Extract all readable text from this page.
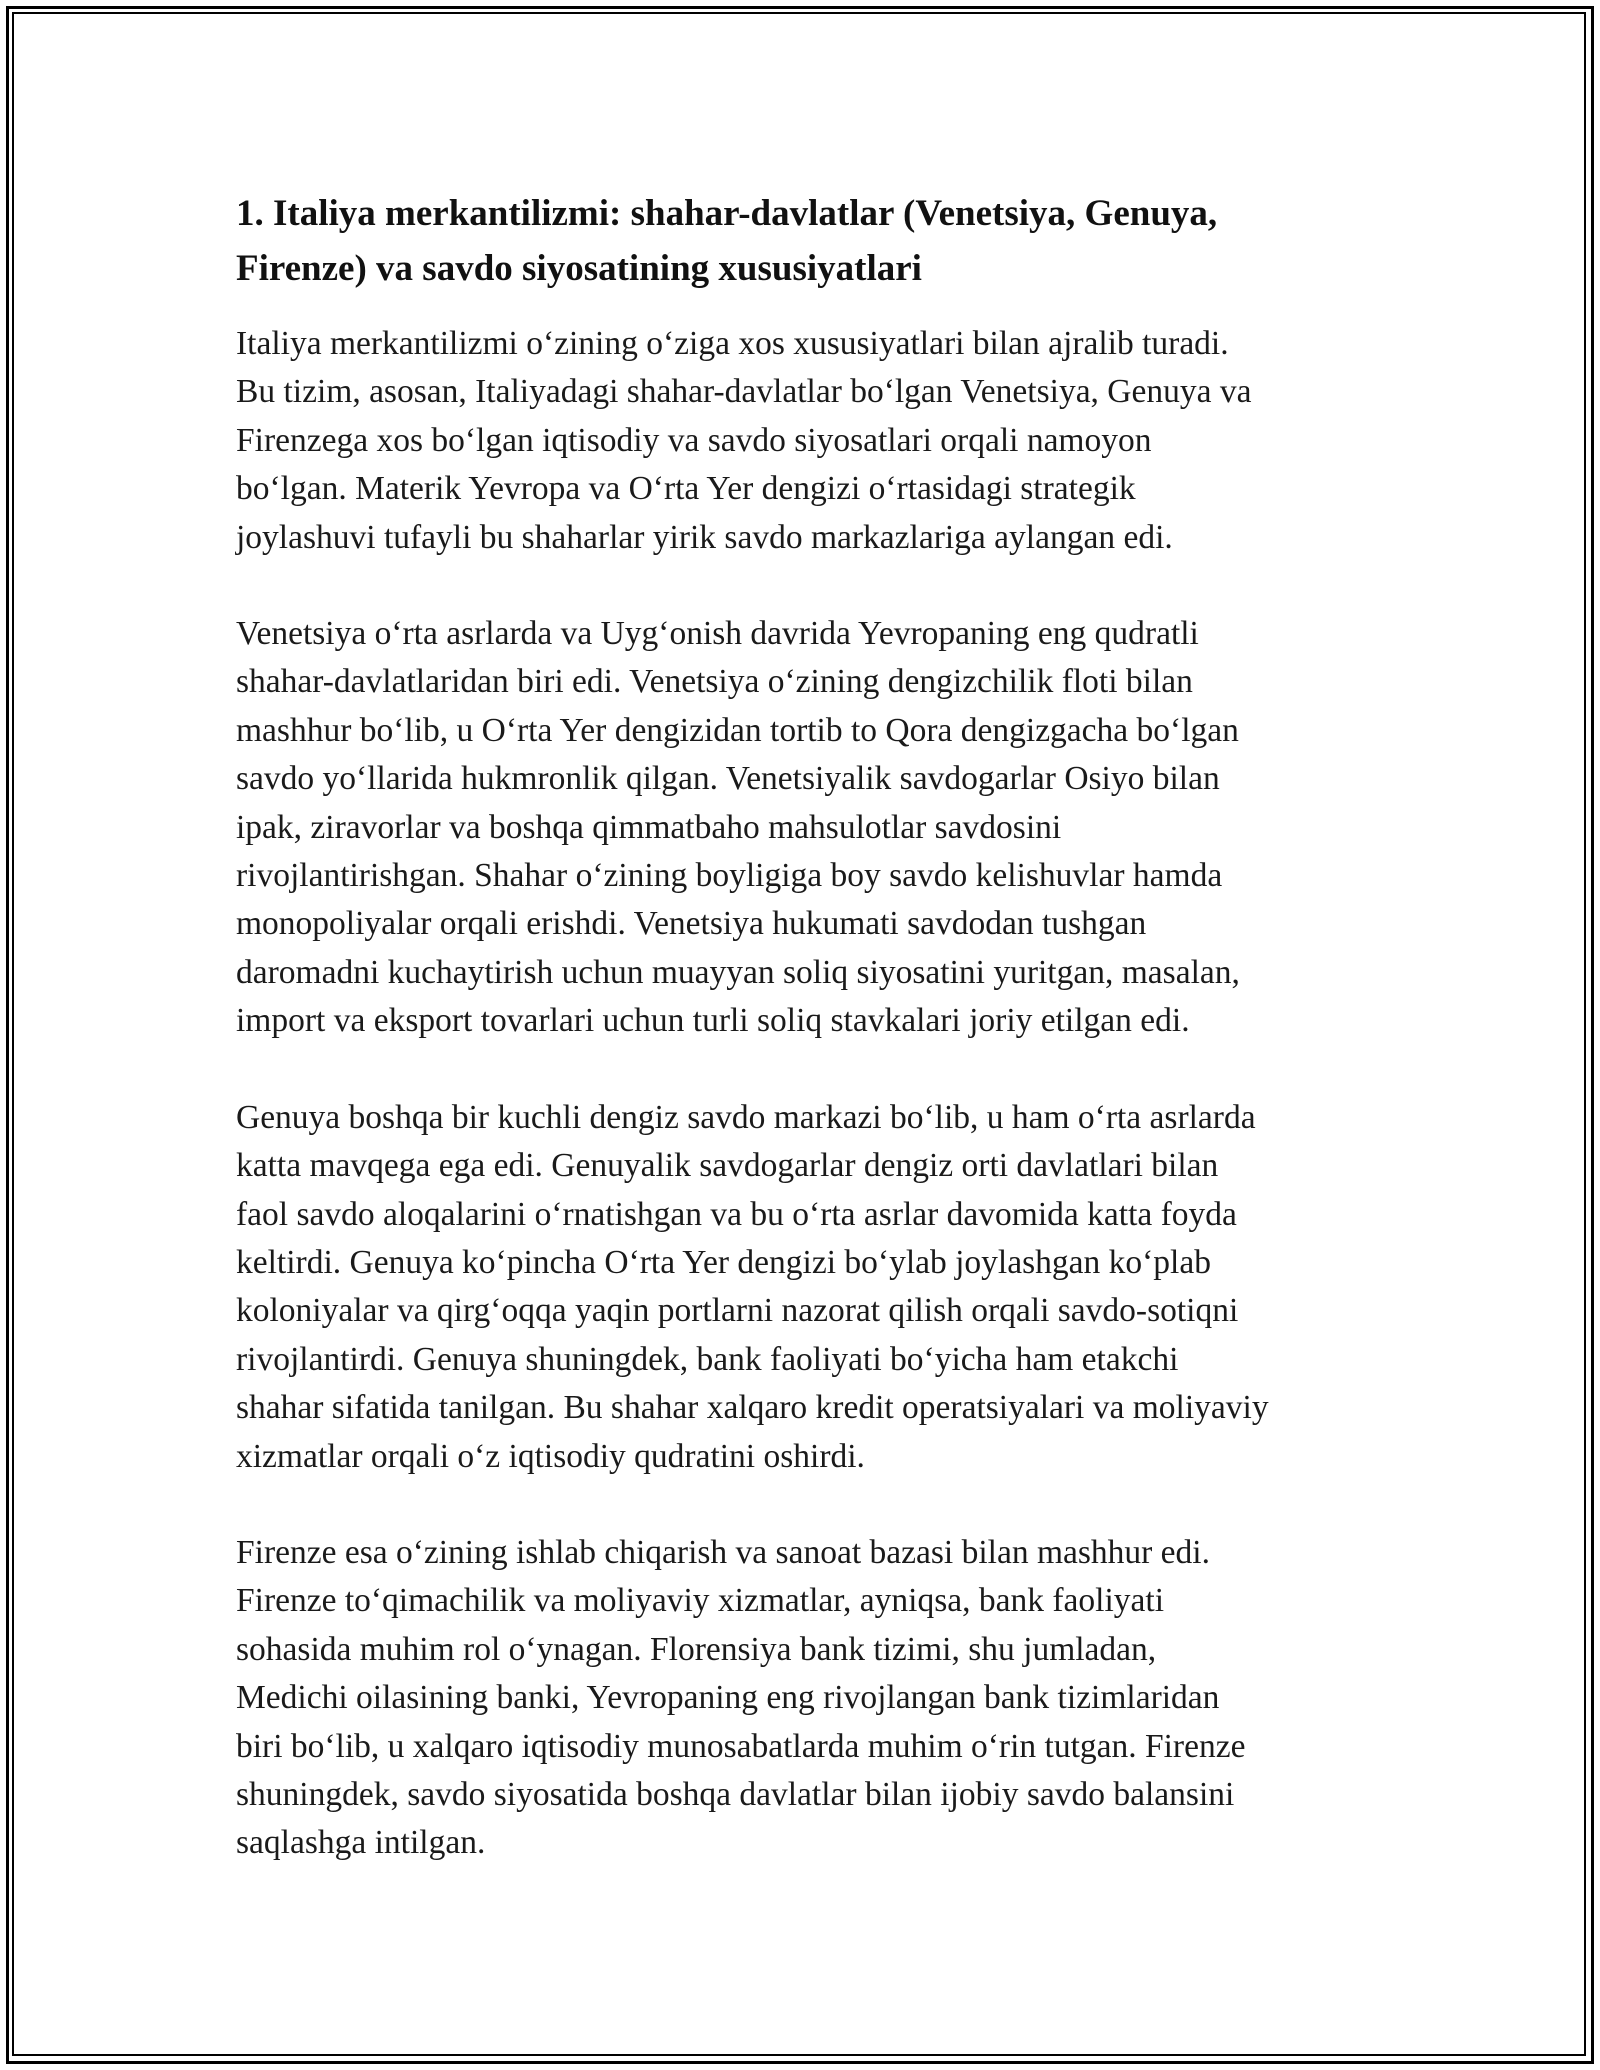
1. Italiya merkantilizmi: shahar-davlatlar (Venetsiya, Genuya,
Firenze) va savdo siyosatining xususiyatlari

Italiya merkantilizmi o‘zining o‘ziga xos xususiyatlari bilan ajralib turadi.
Bu tizim, asosan, Italiyadagi shahar-davlatlar bo‘lgan Venetsiya, Genuya va
Firenzega xos bo‘lgan iqtisodiy va savdo siyosatlari orqali namoyon
bo‘lgan. Materik Yevropa va O‘rta Yer dengizi o‘rtasidagi strategik
joylashuvi tufayli bu shaharlar yirik savdo markazlariga aylangan edi.

Venetsiya o‘rta asrlarda va Uyg‘onish davrida Yevropaning eng qudratli
shahar-davlatlaridan biri edi. Venetsiya o‘zining dengizchilik floti bilan
mashhur bo‘lib, u O‘rta Yer dengizidan tortib to Qora dengizgacha bo‘lgan
savdo yo‘llarida hukmronlik qilgan. Venetsiyalik savdogarlar Osiyo bilan
ipak, ziravorlar va boshqa qimmatbaho mahsulotlar savdosini
rivojlantirishgan. Shahar o‘zining boyligiga boy savdo kelishuvlar hamda
monopoliyalar orqali erishdi. Venetsiya hukumati savdodan tushgan
daromadni kuchaytirish uchun muayyan soliq siyosatini yuritgan, masalan,
import va eksport tovarlari uchun turli soliq stavkalari joriy etilgan edi.

Genuya boshqa bir kuchli dengiz savdo markazi bo‘lib, u ham o‘rta asrlarda
katta mavqega ega edi. Genuyalik savdogarlar dengiz orti davlatlari bilan
faol savdo aloqalarini o‘rnatishgan va bu o‘rta asrlar davomida katta foyda
keltirdi. Genuya ko‘pincha O‘rta Yer dengizi bo‘ylab joylashgan ko‘plab
koloniyalar va qirg‘oqqa yaqin portlarni nazorat qilish orqali savdo-sotiqni
rivojlantirdi. Genuya shuningdek, bank faoliyati bo‘yicha ham etakchi
shahar sifatida tanilgan. Bu shahar xalqaro kredit operatsiyalari va moliyaviy
xizmatlar orqali o‘z iqtisodiy qudratini oshirdi.

Firenze esa o‘zining ishlab chiqarish va sanoat bazasi bilan mashhur edi.
Firenze to‘qimachilik va moliyaviy xizmatlar, ayniqsa, bank faoliyati
sohasida muhim rol o‘ynagan. Florensiya bank tizimi, shu jumladan,
Medichi oilasining banki, Yevropaning eng rivojlangan bank tizimlaridan
biri bo‘lib, u xalqaro iqtisodiy munosabatlarda muhim o‘rin tutgan. Firenze
shuningdek, savdo siyosatida boshqa davlatlar bilan ijobiy savdo balansini
saqlashga intilgan.
